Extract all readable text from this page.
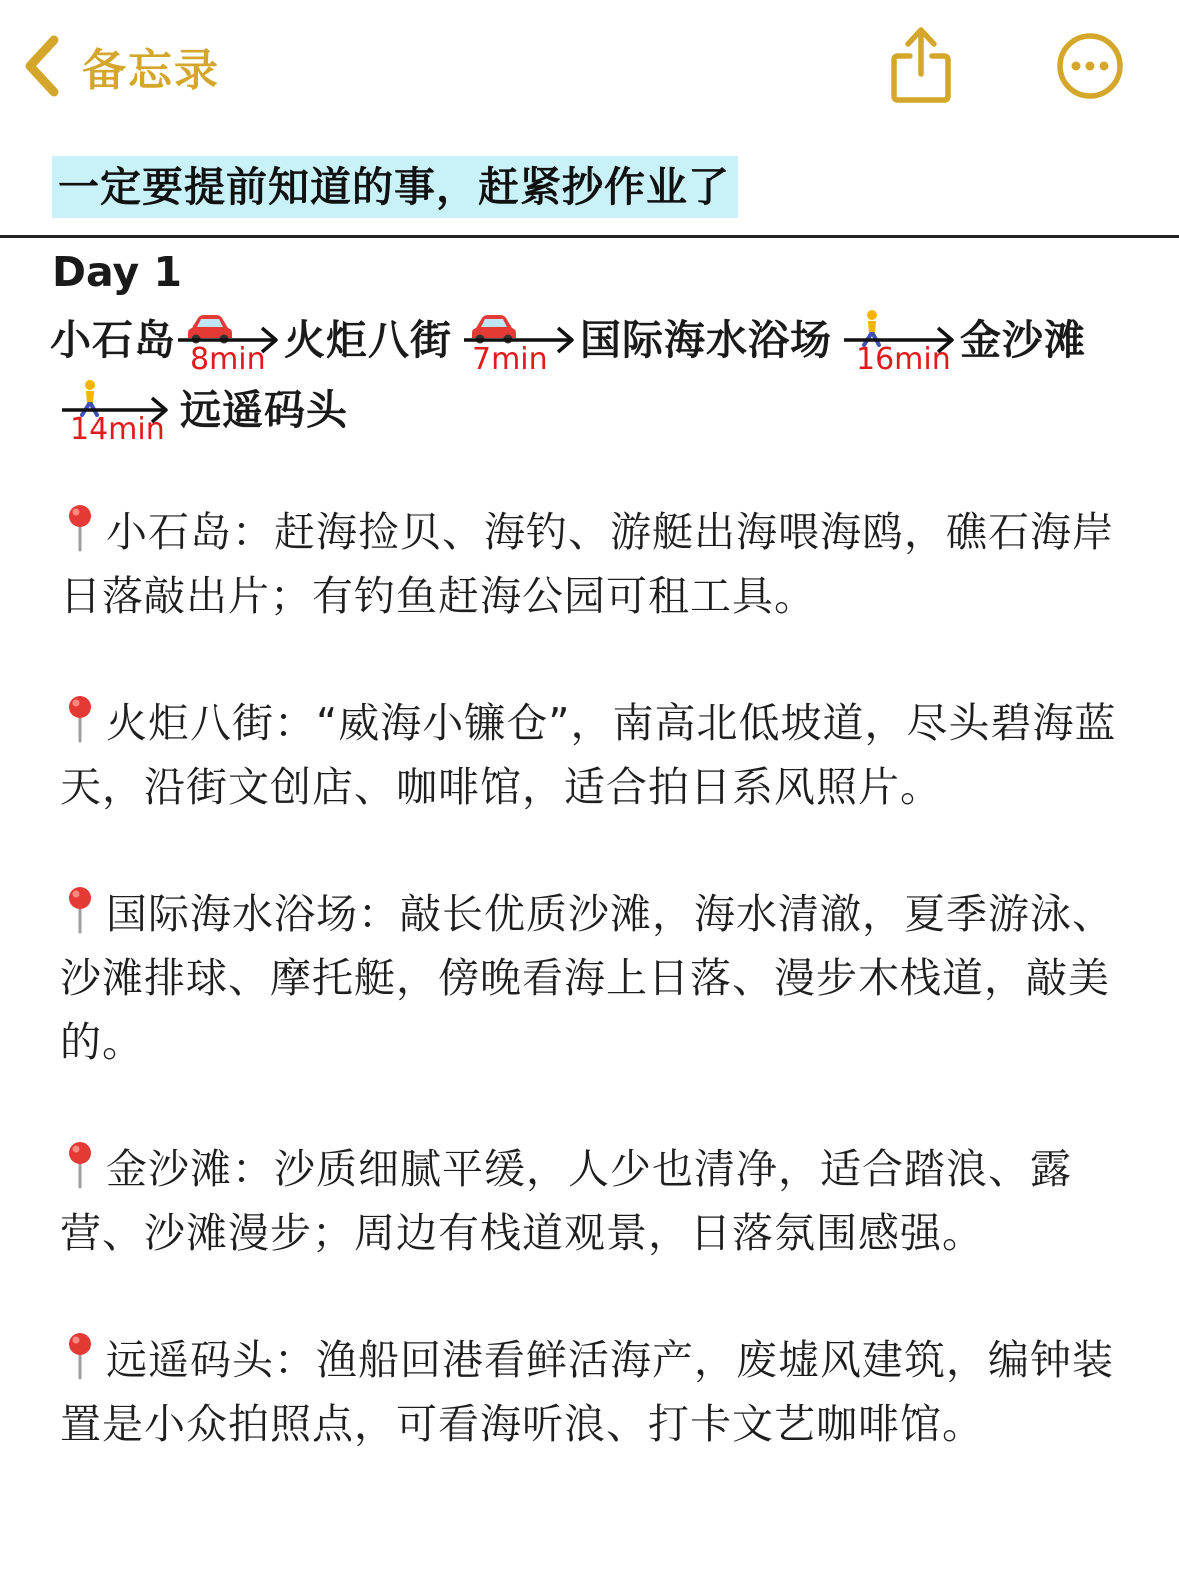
备忘录
一定要提前知道的事，赶紧抄作业了
Day 1
小石岛 8min 火炬八街 7min 国际海水浴场 16min 金沙滩
14min 远遥码头

小石岛：赶海捡贝、海钓、游艇出海喂海鸥，礁石海岸日落敲出片；有钓鱼赶海公园可租工具。

火炬八街：“威海小镰仓”，南高北低坡道，尽头碧海蓝天，沿街文创店、咖啡馆，适合拍日系风照片。

国际海水浴场：敲长优质沙滩，海水清澈，夏季游泳、沙滩排球、摩托艇，傍晚看海上日落、漫步木栈道，敲美的。

金沙滩：沙质细腻平缓，人少也清净，适合踏浪、露营、沙滩漫步；周边有栈道观景，日落氛围感强。

远遥码头：渔船回港看鲜活海产，废墟风建筑，编钟装置是小众拍照点，可看海听浪、打卡文艺咖啡馆。
